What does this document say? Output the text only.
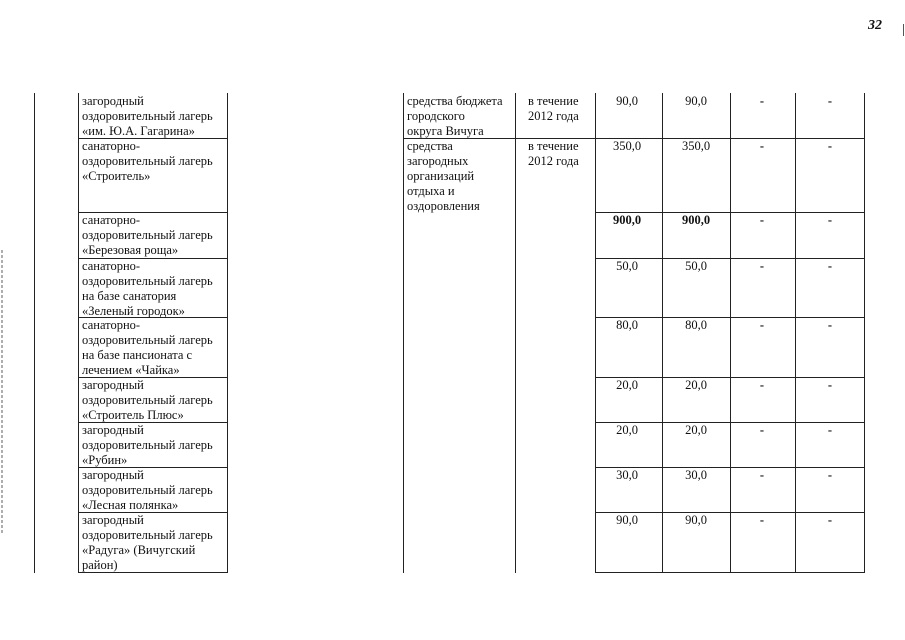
32
загородный
оздоровительный лагерь
«им. Ю.А. Гагарина»
санаторно-
оздоровительный лагерь
«Строитель»
санаторно-
оздоровительный лагерь
«Березовая роща»
санаторно-
оздоровительный лагерь
на базе санатория
«Зеленый городок»
санаторно-
оздоровительный лагерь
на базе пансионата с
лечением «Чайка»
загородный
оздоровительный лагерь
«Строитель Плюс»
загородный
оздоровительный лагерь
«Рубин»
загородный
оздоровительный лагерь
«Лесная полянка»
загородный
оздоровительный лагерь
«Радуга» (Вичугский
район)
средства бюджета
городского
округа Вичуга
средства
загородных
организаций
отдыха и
оздоровления
в течение
2012 года
в течение
2012 года
90,0
350,0
900,0
50,0
80,0
20,0
20,0
30,0
90,0
90,0
350,0
900,0
50,0
80,0
20,0
20,0
30,0
90,0
-
-
-
-
-
-
-
-
-
-
-
-
-
-
-
-
-
-
